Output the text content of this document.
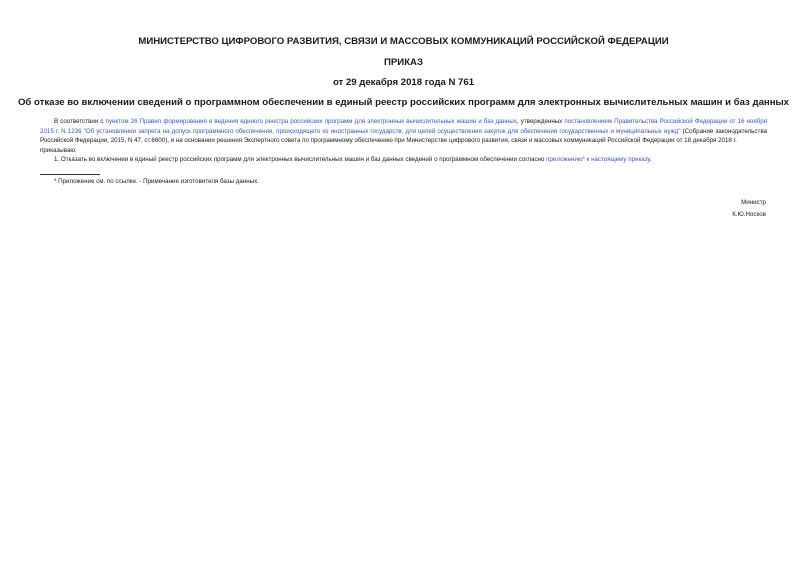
МИНИСТЕРСТВО ЦИФРОВОГО РАЗВИТИЯ, СВЯЗИ И МАССОВЫХ КОММУНИКАЦИЙ РОССИЙСКОЙ ФЕДЕРАЦИИ
ПРИКАЗ
от 29 декабря 2018 года N 761
Об отказе во включении сведений о программном обеспечении в единый реестр российских программ для электронных вычислительных машин и баз данных

В соответствии с пунктом 26 Правил формирования и ведения единого реестра российских программ для электронных вычислительных машин и баз данных, утвержденных постановлением Правительства Российской Федерации от 16 ноября 2015 г. N 1236 "Об установлении запрета на допуск программного обеспечения, происходящего из иностранных государств, для целей осуществления закупок для обеспечения государственных и муниципальных нужд" (Собрание законодательства Российской Федерации, 2015, N 47, ст.6600), и на основании решения Экспертного совета по программному обеспечению при Министерстве цифрового развития, связи и массовых коммуникаций Российской Федерации от 18 декабря 2018 г.

приказываю:

1. Отказать во включении в единый реестр российских программ для электронных вычислительных машин и баз данных сведений о программном обеспечении согласно приложению* к настоящему приказу.

* Приложение см. по ссылке. - Примечание изготовителя базы данных.

Министр
К.Ю.Носков
